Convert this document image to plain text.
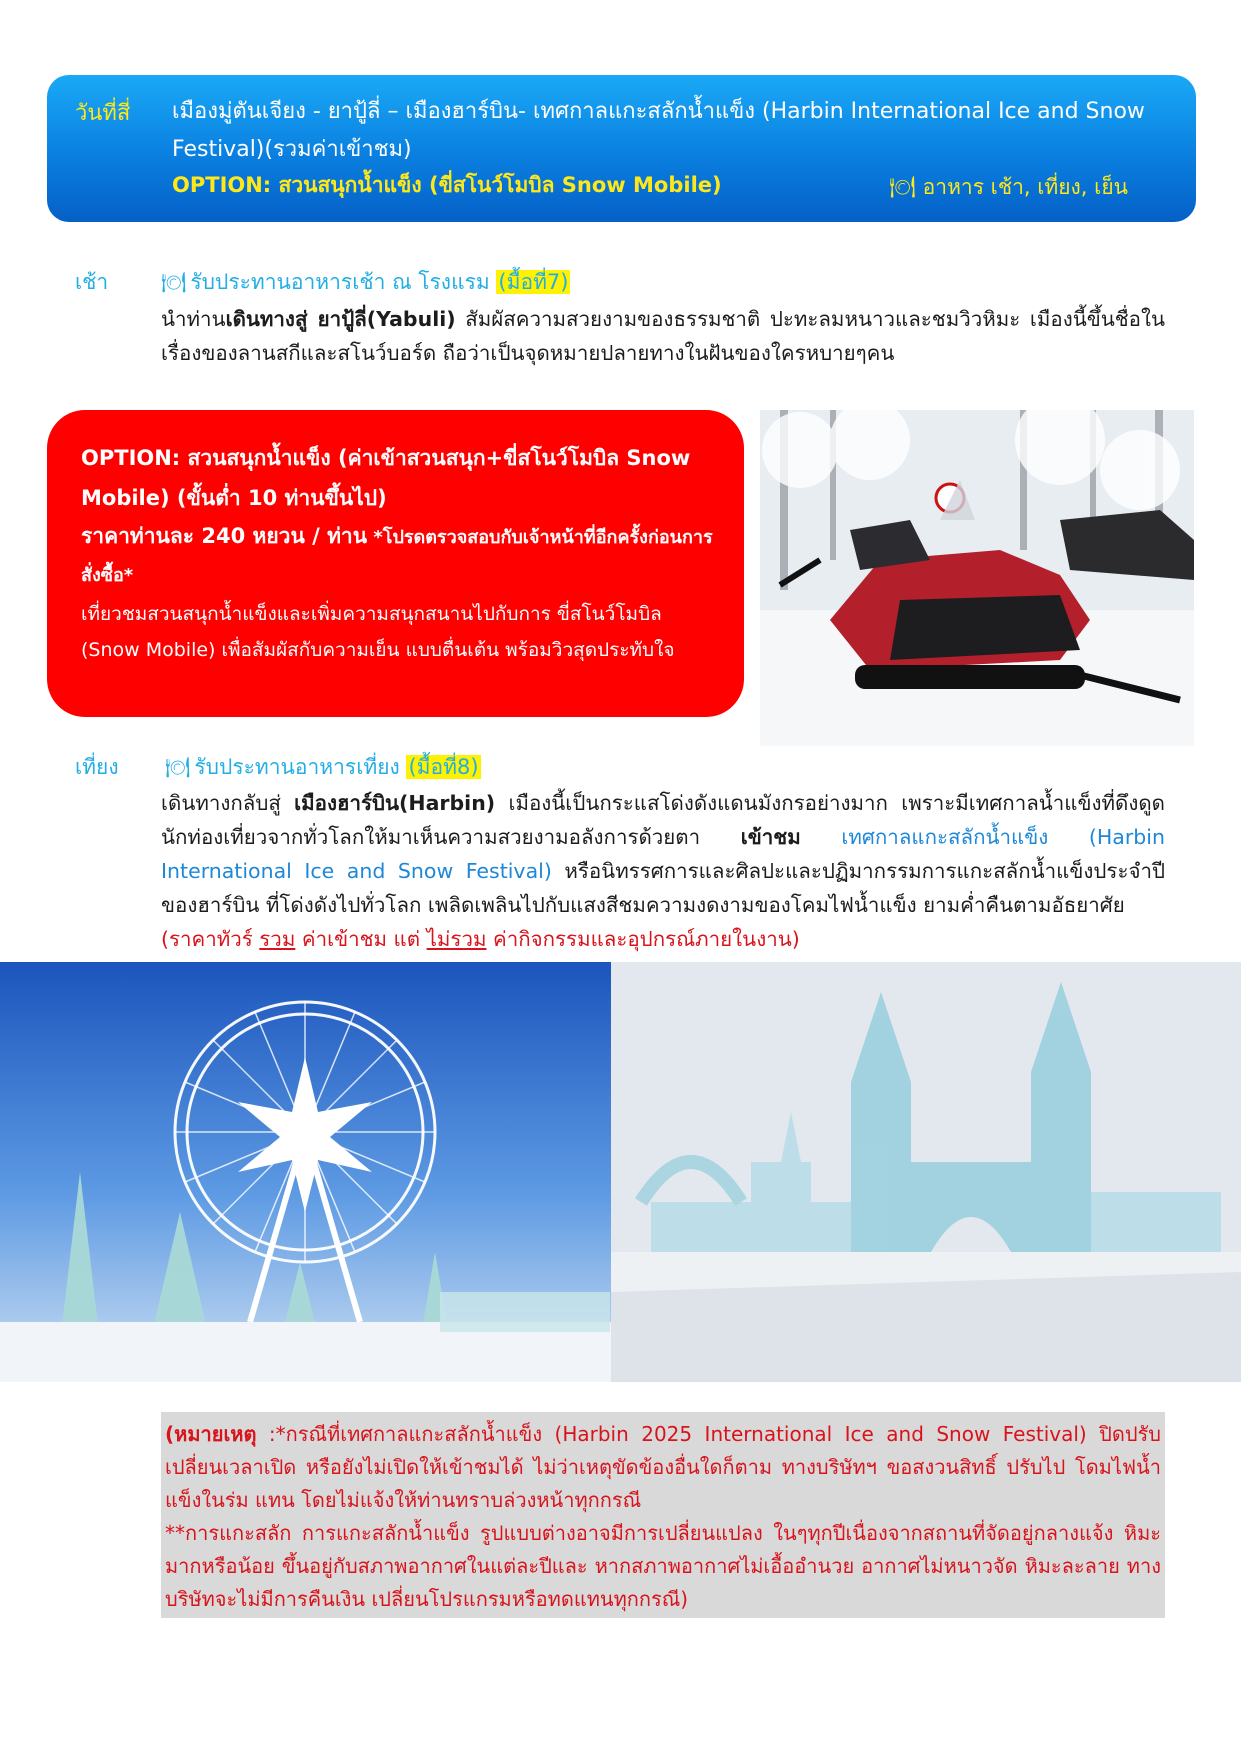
วันที่สี่ เมืองมู่ตันเจียง - ยาปู้ลี่ – เมืองฮาร์บิน- เทศกาลแกะสลักน้ำแข็ง (Harbin International Ice and Snow Festival)(รวมค่าเข้าชม)
OPTION: สวนสนุกน้ำแข็ง (ขี่สโนว์โมบิล Snow Mobile)	🍽 อาหาร เช้า, เที่ยง, เย็น
เช้า	🍽 รับประทานอาหารเช้า ณ โรงแรม (มื้อที่7)
นำท่านเดินทางสู่ ยาปู้ลี่(Yabuli) สัมผัสความสวยงามของธรรมชาติ ปะทะลมหนาวและชมวิวหิมะ เมืองนี้ขึ้นชื่อในเรื่องของลานสกีและสโนว์บอร์ด ถือว่าเป็นจุดหมายปลายทางในฝันของใครหบายๆคน
OPTION: สวนสนุกน้ำแข็ง (ค่าเข้าสวนสนุก+ขี่สโนว์โมบิล Snow Mobile) (ขั้นต่ำ 10 ท่านขึ้นไป)
ราคาท่านละ 240 หยวน / ท่าน *โปรดตรวจสอบกับเจ้าหน้าที่อีกครั้งก่อนการสั่งซื้อ*
เที่ยวชมสวนสนุกน้ำแข็งและเพิ่มความสนุกสนานไปกับการ ขี่สโนว์โมบิล (Snow Mobile) เพื่อสัมผัสกับความเย็น แบบตื่นเต้น พร้อมวิวสุดประทับใจ
เที่ยง 🍽 รับประทานอาหารเที่ยง (มื้อที่8)
เดินทางกลับสู่ เมืองฮาร์บิน(Harbin) เมืองนี้เป็นกระแสโด่งดังแดนมังกรอย่างมาก เพราะมีเทศกาลน้ำแข็งที่ดึงดูดนักท่องเที่ยวจากทั่วโลกให้มาเห็นความสวยงามอลังการด้วยตา เข้าชม เทศกาลแกะสลักน้ำแข็ง (Harbin International Ice and Snow Festival) หรือนิทรรศการและศิลปะและปฏิมากรรมการแกะสลักน้ำแข็งประจำปีของฮาร์บิน ที่โด่งดังไปทั่วโลก เพลิดเพลินไปกับแสงสีชมความงดงามของโคมไฟน้ำแข็ง ยามค่ำคืนตามอัธยาศัย
(ราคาทัวร์ รวม ค่าเข้าชม แต่ ไม่รวม ค่ากิจกรรมและอุปกรณ์ภายในงาน)
(หมายเหตุ :*กรณีที่เทศกาลแกะสลักน้ำแข็ง (Harbin 2025 International Ice and Snow Festival) ปิดปรับเปลี่ยนเวลาเปิด หรือยังไม่เปิดให้เข้าชมได้ ไม่ว่าเหตุขัดข้องอื่นใดก็ตาม ทางบริษัทฯ ขอสงวนสิทธิ์ ปรับไป โดมไฟน้ำแข็งในร่ม แทน โดยไม่แจ้งให้ท่านทราบล่วงหน้าทุกกรณี
**การแกะสลัก การแกะสลักน้ำแข็ง รูปแบบต่างอาจมีการเปลี่ยนแปลง ในๆทุกปีเนื่องจากสถานที่จัดอยู่กลางแจ้ง หิมะมากหรือน้อย ขึ้นอยู่กับสภาพอากาศในแต่ละปีและ หากสภาพอากาศไม่เอื้ออำนวย อากาศไม่หนาวจัด หิมะละลาย ทางบริษัทจะไม่มีการคืนเงิน เปลี่ยนโปรแกรมหรือทดแทนทุกกรณี)
